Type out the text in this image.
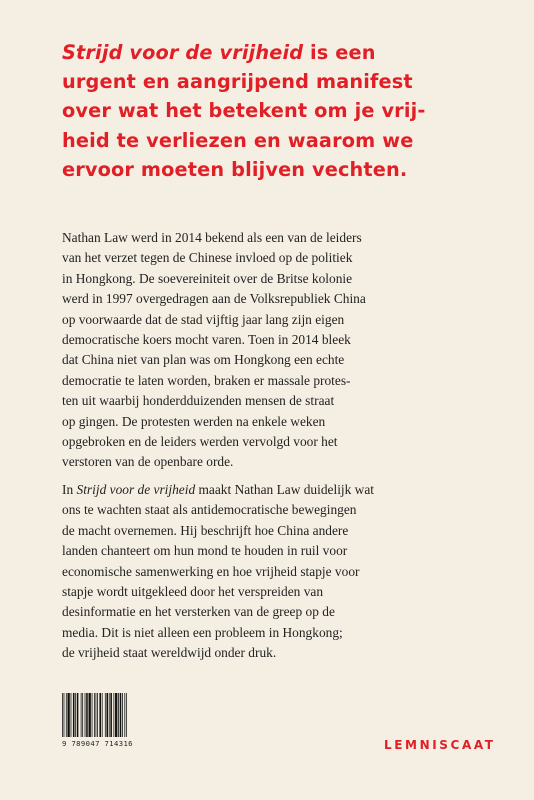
Strijd voor de vrijheid is een
urgent en aangrijpend manifest
over wat het betekent om je vrij-
heid te verliezen en waarom we
ervoor moeten blijven vechten.
Nathan Law werd in 2014 bekend als een van de leiders
van het verzet tegen de Chinese invloed op de politiek
in Hongkong. De soevereiniteit over de Britse kolonie
werd in 1997 overgedragen aan de Volksrepubliek China
op voorwaarde dat de stad vijftig jaar lang zijn eigen
democratische koers mocht varen. Toen in 2014 bleek
dat China niet van plan was om Hongkong een echte
democratie te laten worden, braken er massale protes-
ten uit waarbij honderdduizenden mensen de straat
op gingen. De protesten werden na enkele weken
opgebroken en de leiders werden vervolgd voor het
verstoren van de openbare orde.
In Strijd voor de vrijheid maakt Nathan Law duidelijk wat
ons te wachten staat als antidemocratische bewegingen
de macht overnemen. Hij beschrijft hoe China andere
landen chanteert om hun mond te houden in ruil voor
economische samenwerking en hoe vrijheid stapje voor
stapje wordt uitgekleed door het verspreiden van
desinformatie en het versterken van de greep op de
media. Dit is niet alleen een probleem in Hongkong;
de vrijheid staat wereldwijd onder druk.
9 789047 714316	LEMNISCAAT
